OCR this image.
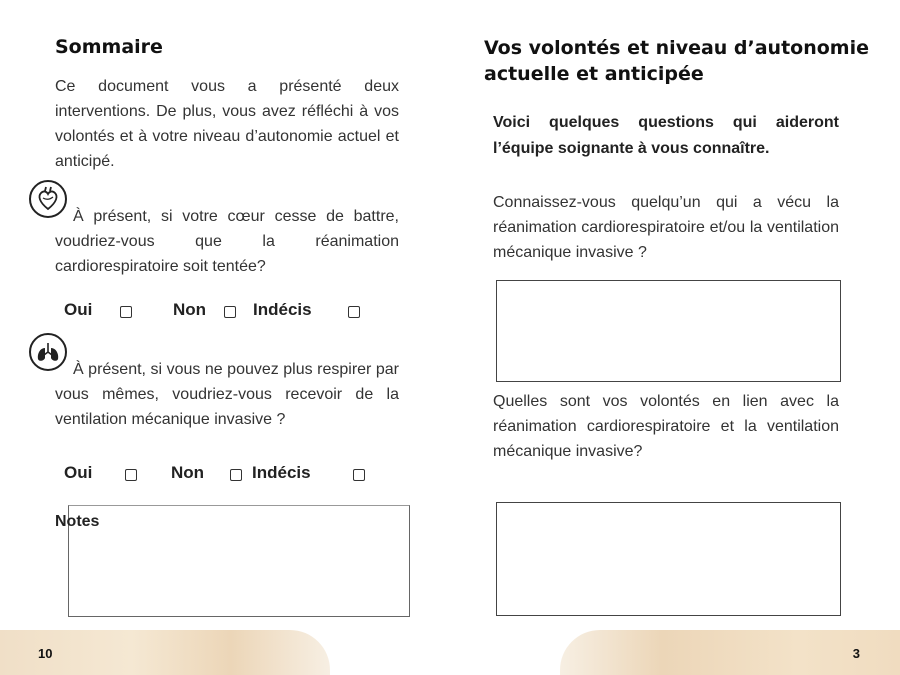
Sommaire
Ce document vous a présenté deux interventions. De plus, vous avez réfléchi à vos volontés et à votre niveau d’autonomie actuel et anticipé.
À présent, si votre cœur cesse de battre, voudriez-vous que la réanimation cardiorespiratoire soit tentée?
Oui	Non	Indécis
À présent, si vous ne pouvez plus respirer par vous mêmes, voudriez-vous recevoir de la ventilation mécanique invasive ?
Oui	Non	Indécis
Notes
Vos volontés et niveau d’autonomie actuelle et anticipée
Voici quelques questions qui aideront l’équipe soignante à vous connaître.
Connaissez-vous quelqu’un qui a vécu la réanimation cardiorespiratoire et/ou la ventilation mécanique invasive ?
Quelles sont vos volontés en lien avec la réanimation cardiorespiratoire et la ventilation mécanique invasive?
10	3
